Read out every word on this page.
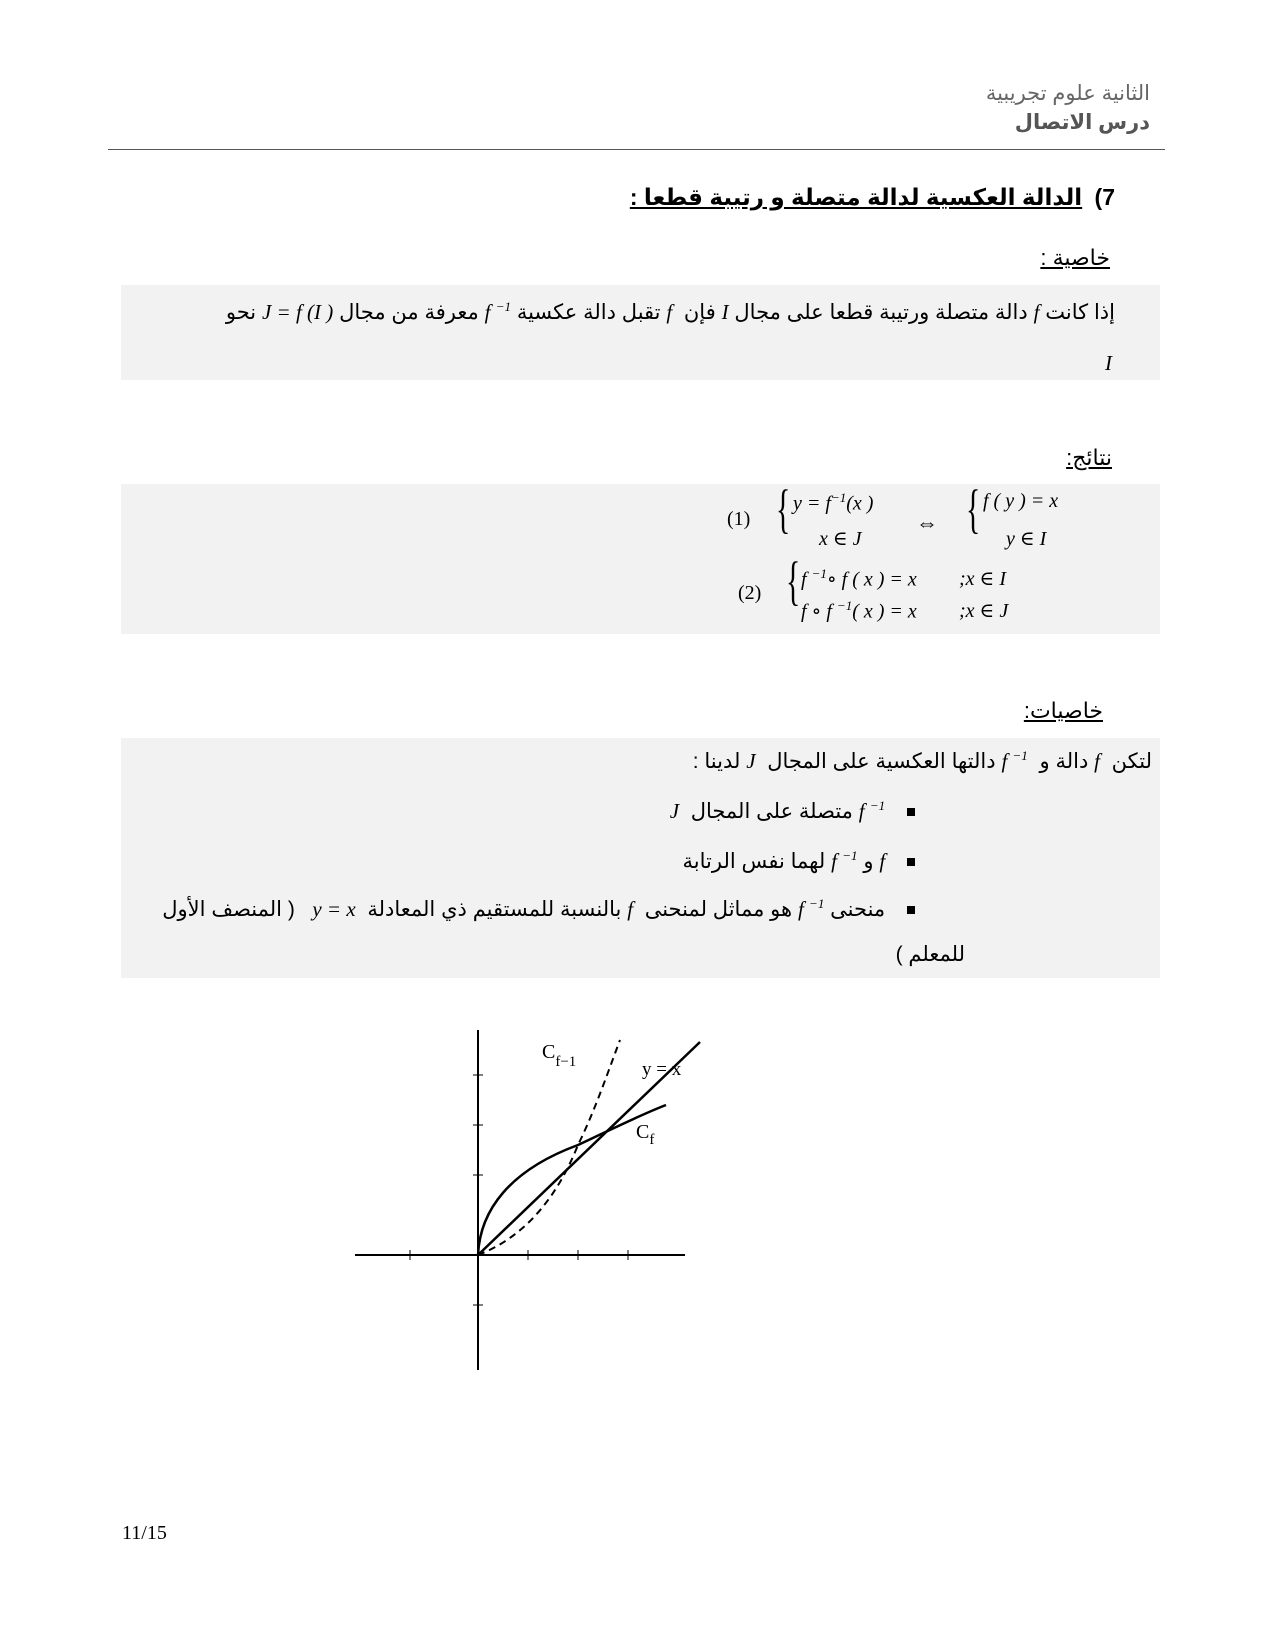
الثانية علوم تجريبية
درس الاتصال
7) الدالة العكسية لدالة متصلة و رتيبة قطعا :
خاصية :
إذا كانت f دالة متصلة ورتيبة قطعا على مجال I فإن  f تقبل دالة عكسية f $^{-1}$ معرفة من مجال J = f (I ) نحو
I
نتائج:
(1) { $y = f^{-1}(x$ )
x ∈ J
⇔ { f ( y ) = x
y ∈ I
(2) { f $^{-1}$∘ f ( x ) = x ;x ∈ I
f ∘ f $^{-1}$( x ) = x ;x ∈ J
خاصيات:
لتكن  f دالة و  f $^{-1}$ دالتها العكسية على المجال  J لدينا :
f $^{-1}$ متصلة على المجال  J
f و f $^{-1}$ لهما نفس الرتابة
منحنى f $^{-1}$ هو مماثل لمنحنى  f بالنسبة للمستقيم ذي المعادلة  y = x   ( المنصف الأول
للمعلم )
$C_{f-1}$	y = x
$C_f$
11/15
